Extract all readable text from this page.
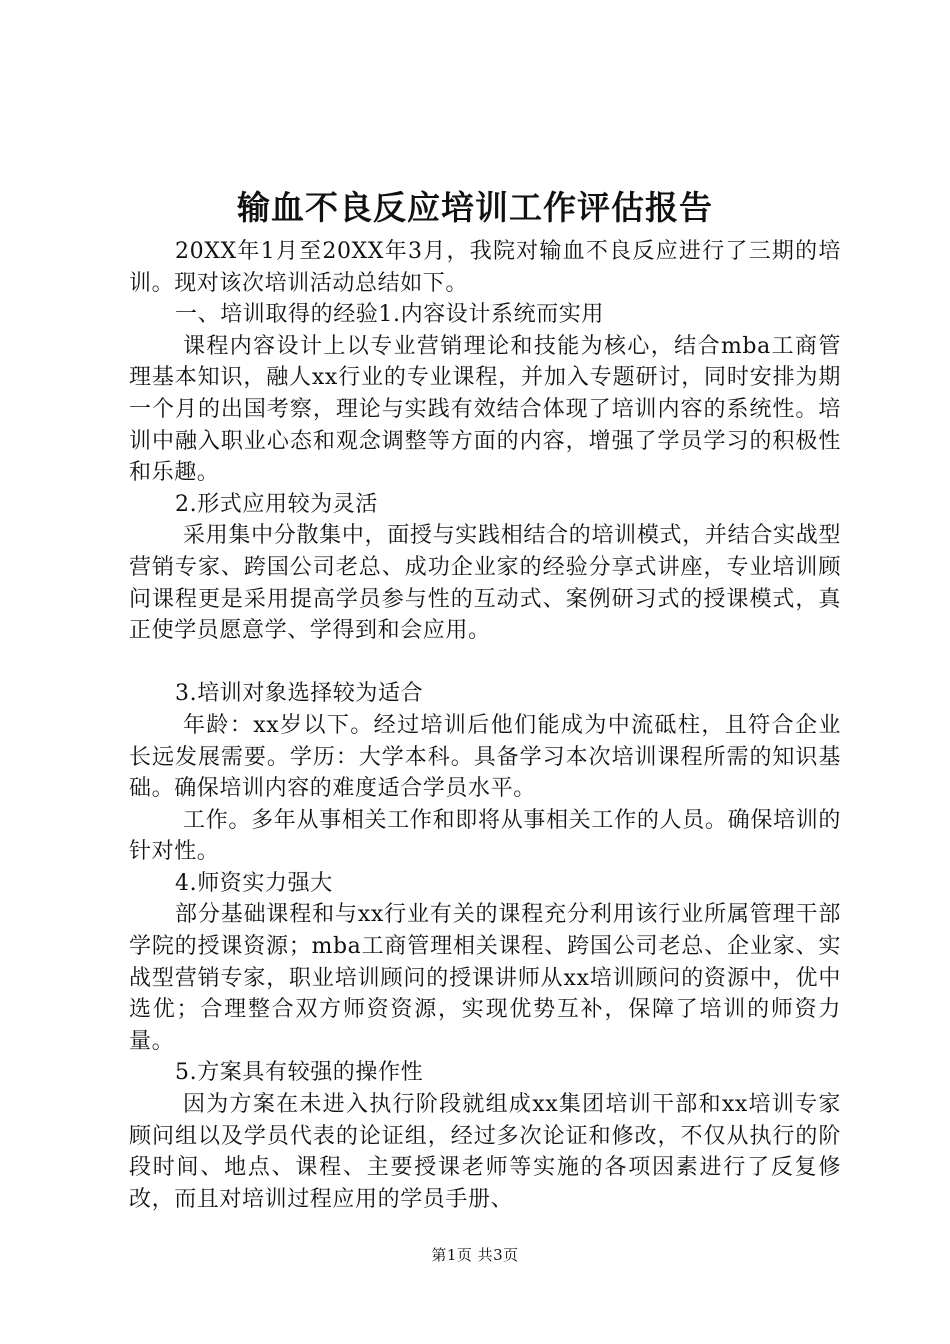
输血不良反应培训工作评估报告

20XX年1月至20XX年3月，我院对输血不良反应进行了三期的培训。现对该次培训活动总结如下。

一、培训取得的经验1.内容设计系统而实用

课程内容设计上以专业营销理论和技能为核心，结合mba工商管理基本知识，融人xx行业的专业课程，并加入专题研讨，同时安排为期一个月的出国考察，理论与实践有效结合体现了培训内容的系统性。培训中融入职业心态和观念调整等方面的内容，增强了学员学习的积极性和乐趣。

2.形式应用较为灵活

采用集中分散集中，面授与实践相结合的培训模式，并结合实战型营销专家、跨国公司老总、成功企业家的经验分享式讲座，专业培训顾问课程更是采用提高学员参与性的互动式、案例研习式的授课模式，真正使学员愿意学、学得到和会应用。

3.培训对象选择较为适合

年龄：xx岁以下。经过培训后他们能成为中流砥柱，且符合企业长远发展需要。学历：大学本科。具备学习本次培训课程所需的知识基础。确保培训内容的难度适合学员水平。

工作。多年从事相关工作和即将从事相关工作的人员。确保培训的针对性。

4.师资实力强大

部分基础课程和与xx行业有关的课程充分利用该行业所属管理干部学院的授课资源；mba工商管理相关课程、跨国公司老总、企业家、实战型营销专家，职业培训顾问的授课讲师从xx培训顾问的资源中，优中选优；合理整合双方师资资源，实现优势互补，保障了培训的师资力量。

5.方案具有较强的操作性

因为方案在未进入执行阶段就组成xx集团培训干部和xx培训专家顾问组以及学员代表的论证组，经过多次论证和修改，不仅从执行的阶段时间、地点、课程、主要授课老师等实施的各项因素进行了反复修改，而且对培训过程应用的学员手册、

第1页 共3页
